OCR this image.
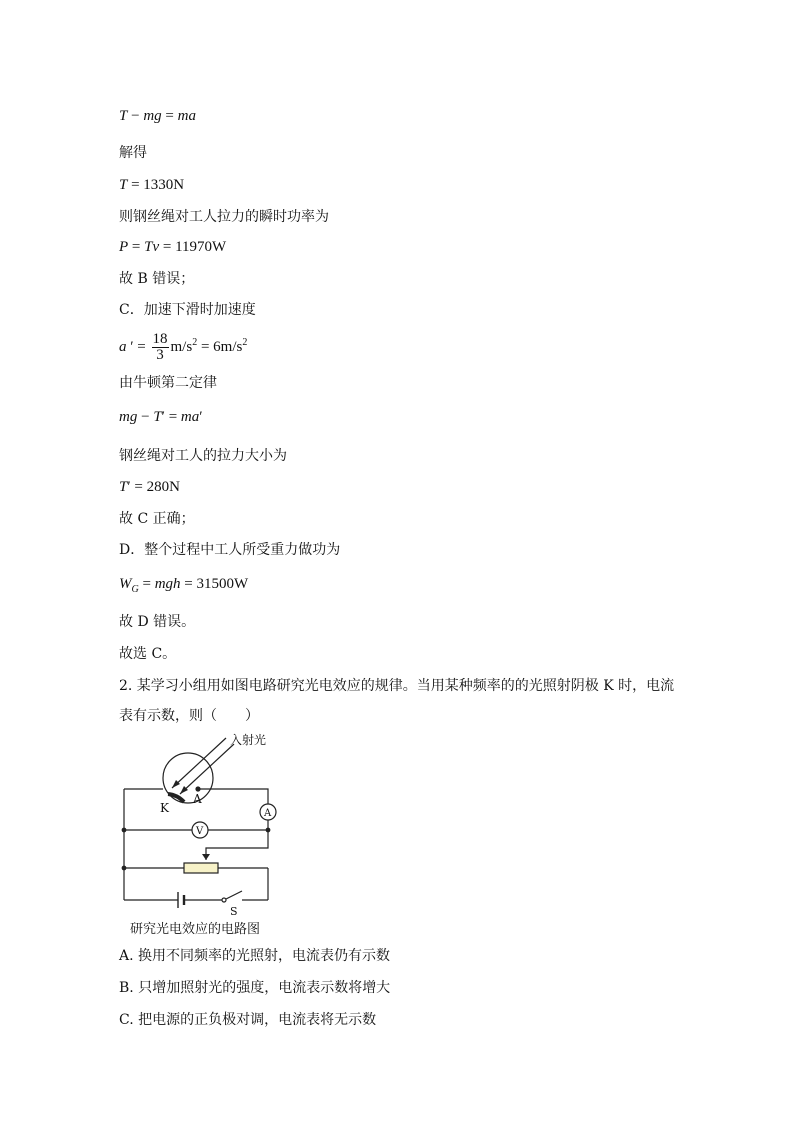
T − mg = ma
解得
T = 1330N
则钢丝绳对工人拉力的瞬时功率为
P = Tv = 11970W
故 B 错误；
C．加速下滑时加速度
a ′ = $\frac{18}{3} m/s^2 = 6m/s^2$
由牛顿第二定律
mg − T′ = ma′
钢丝绳对工人的拉力大小为
T′ = 280N
故 C 正确；
D．整个过程中工人所受重力做功为
$W_G$ = mgh = 31500W
故 D 错误。
故选 C。
2. 某学习小组用如图电路研究光电效应的规律。当用某种频率的的光照射阴极 K 时，电流
表有示数，则（　　）
入射光
K
A
A
V
S
研究光电效应的电路图
A. 换用不同频率的光照射，电流表仍有示数
B. 只增加照射光的强度，电流表示数将增大
C. 把电源的正负极对调，电流表将无示数
